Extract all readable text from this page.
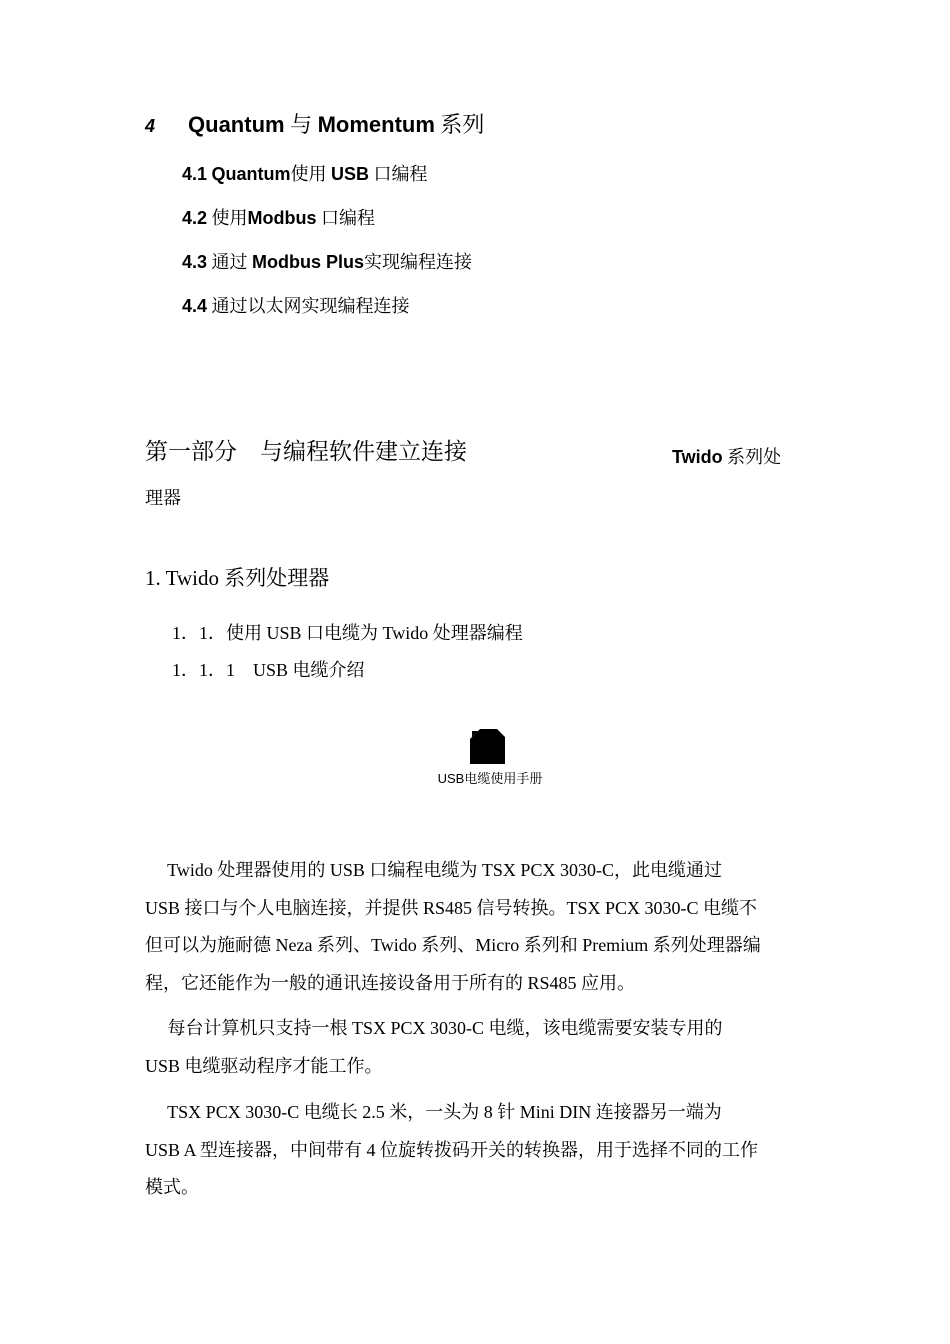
4 Quantum 与 Momentum 系列
4.1 Quantum使用 USB 口编程
4.2 使用Modbus 口编程
4.3 通过 Modbus Plus实现编程连接
4.4 通过以太网实现编程连接
第一部分　与编程软件建立连接	Twido 系列处
理器
1. Twido 系列处理器
1．1．使用 USB 口电缆为 Twido 处理器编程
1．1．1　USB 电缆介绍
USB电缆使用手册
　 Twido 处理器使用的 USB 口编程电缆为 TSX PCX 3030-C，此电缆通过
USB 接口与个人电脑连接，并提供 RS485 信号转换。TSX PCX 3030-C 电缆不
但可以为施耐德 Neza 系列、Twido 系列、Micro 系列和 Premium 系列处理器编
程，它还能作为一般的通讯连接设备用于所有的 RS485 应用。
　 每台计算机只支持一根 TSX PCX 3030-C 电缆，该电缆需要安装专用的
USB 电缆驱动程序才能工作。
　 TSX PCX 3030-C 电缆长 2.5 米，一头为 8 针 Mini DIN 连接器另一端为
USB A 型连接器，中间带有 4 位旋转拨码开关的转换器，用于选择不同的工作
模式。
